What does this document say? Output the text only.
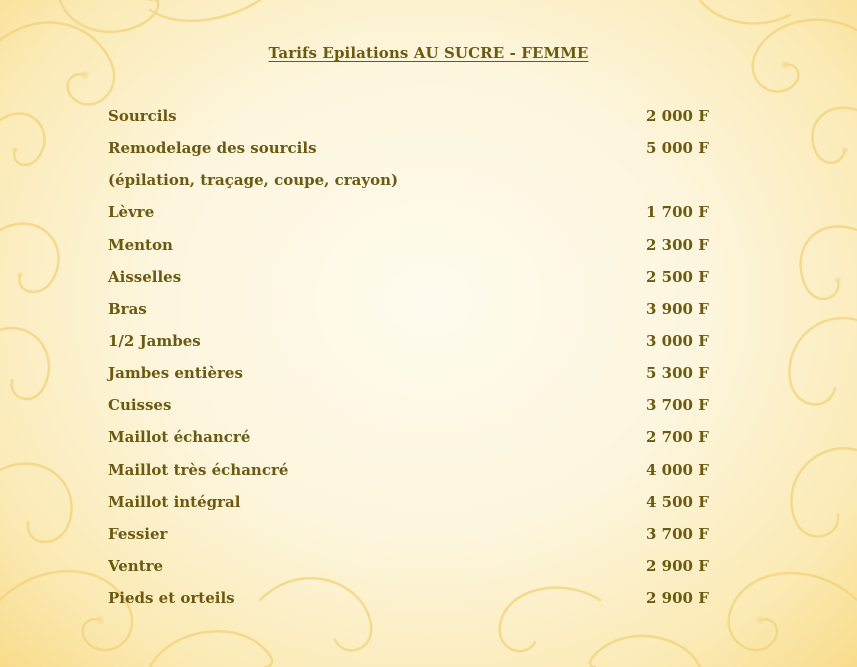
Tarifs Epilations AU SUCRE - FEMME
Sourcils	2 000 F
Remodelage des sourcils	5 000 F
(épilation, traçage, coupe, crayon)
Lèvre	1 700 F
Menton	2 300 F
Aisselles	2 500 F
Bras	3 900 F
1/2 Jambes	3 000 F
Jambes entières	5 300 F
Cuisses	3 700 F
Maillot échancré	2 700 F
Maillot très échancré	4 000 F
Maillot intégral	4 500 F
Fessier	3 700 F
Ventre	2 900 F
Pieds et orteils	2 900 F
